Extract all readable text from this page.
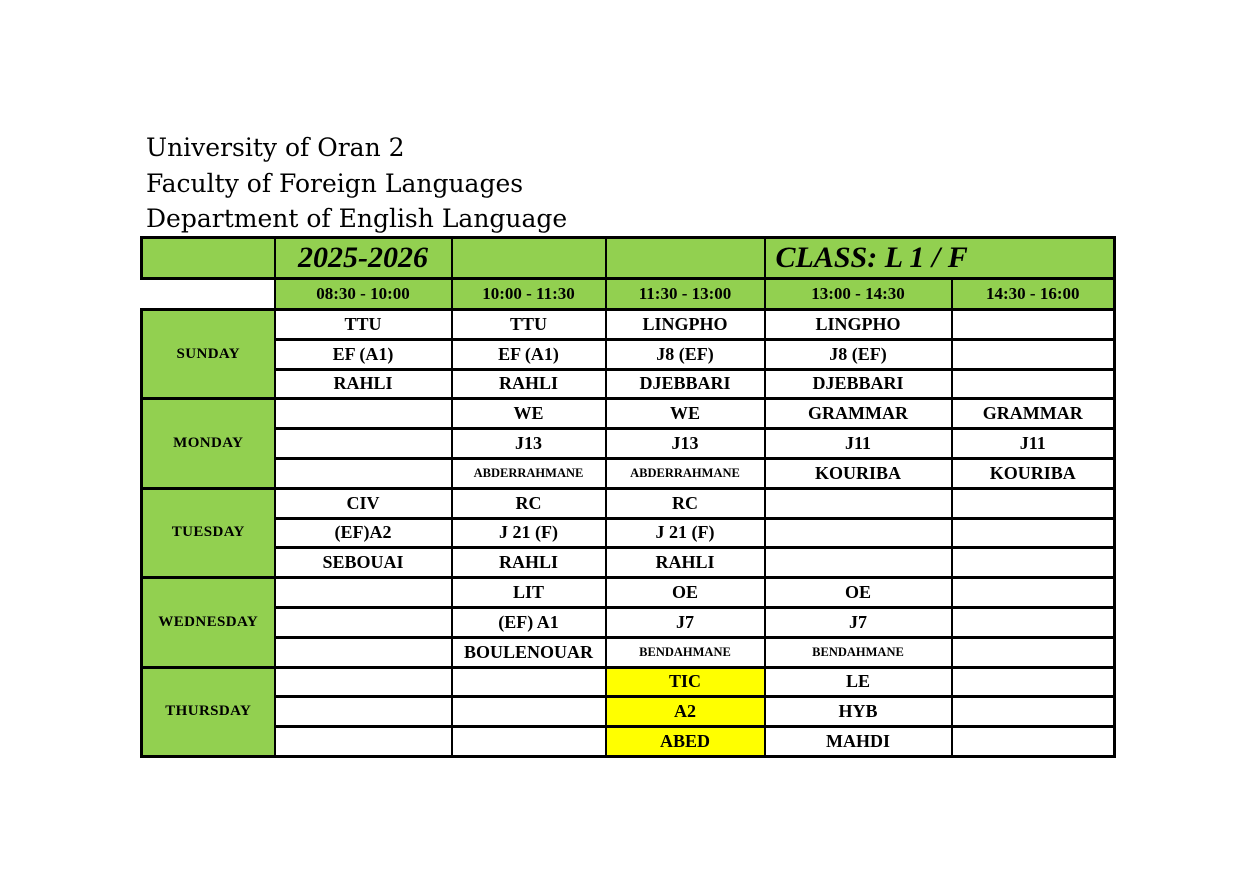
University of Oran 2
Faculty of Foreign Languages
Department of English Language
	2025-2026			CLASS: L 1 / F	
	08:30 - 10:00	10:00 - 11:30	11:30 - 13:00	13:00 - 14:30	14:30 - 16:00
SUNDAY	TTU	TTU	LINGPHO	LINGPHO	
	EF (A1)	EF (A1)	J8 (EF)	J8 (EF)	
	RAHLI	RAHLI	DJEBBARI	DJEBBARI	
MONDAY		WE	WE	GRAMMAR	GRAMMAR
		J13	J13	J11	J11
		ABDERRAHMANE	ABDERRAHMANE	KOURIBA	KOURIBA
TUESDAY	CIV	RC	RC		
	(EF)A2	J 21 (F)	J 21 (F)		
	SEBOUAI	RAHLI	RAHLI		
WEDNESDAY		LIT	OE	OE	
		(EF) A1	J7	J7	
		BOULENOUAR	BENDAHMANE	BENDAHMANE	
THURSDAY			TIC	LE	
			A2	HYB	
			ABED	MAHDI	
